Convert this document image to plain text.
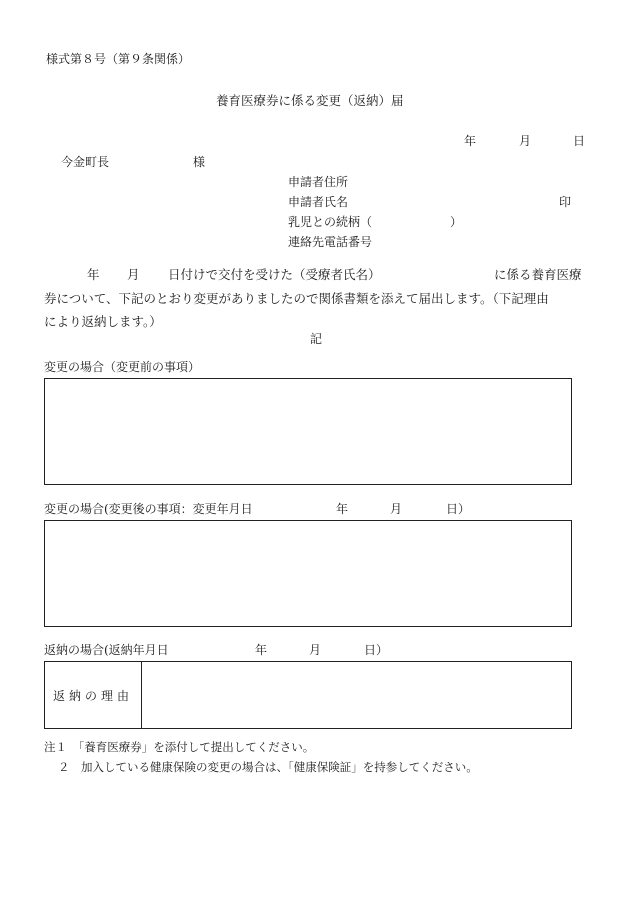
様式第８号（第９条関係）
養育医療券に係る変更（返納）届
年	月	日
今金町長	様
申請者住所
申請者氏名	印
乳児との続柄（	）
連絡先電話番号
年 月 日付けで交付を受けた（受療者氏名）	に係る養育医療
券について、下記のとおり変更がありましたので関係書類を添えて届出します。（下記理由
により返納します。）
記
変更の場合（変更前の事項）
変更の場合(変更後の事項：変更年月日	年	月	日）
返納の場合(返納年月日	年	月	日）
返納の理由
注１　「養育医療券」を添付して提出してください。
２　加入している健康保険の変更の場合は、「健康保険証」を持参してください。
